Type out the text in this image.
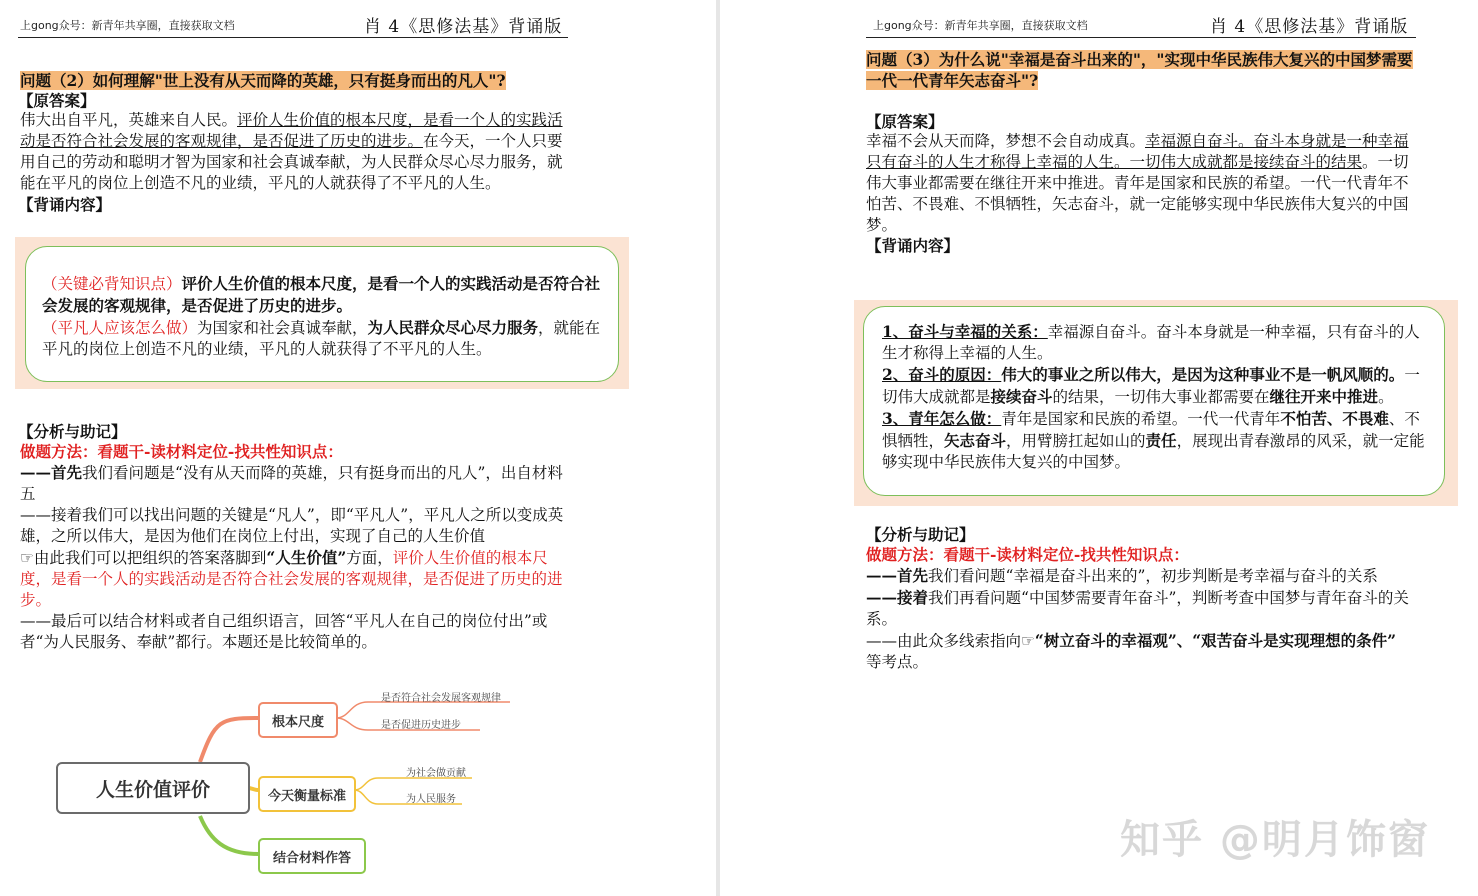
上gong众号：新青年共享圈，直接获取文档	肖 4《思修法基》背诵版
问题（2）如何理解"世上没有从天而降的英雄，只有挺身而出的凡人"?
【原答案】
伟大出自平凡，英雄来自人民。评价人生价值的根本尺度，是看一个人的实践活动是否符合社会发展的客观规律，是否促进了历史的进步。在今天，一个人只要用自己的劳动和聪明才智为国家和社会真诚奉献，为人民群众尽心尽力服务，就能在平凡的岗位上创造不凡的业绩，平凡的人就获得了不平凡的人生。
【背诵内容】
（关键必背知识点）评价人生价值的根本尺度，是看一个人的实践活动是否符合社会发展的客观规律，是否促进了历史的进步。
（平凡人应该怎么做）为国家和社会真诚奉献，为人民群众尽心尽力服务，就能在平凡的岗位上创造不凡的业绩，平凡的人就获得了不平凡的人生。
【分析与助记】
做题方法：看题干-读材料定位-找共性知识点：
——首先我们看问题是“没有从天而降的英雄，只有挺身而出的凡人”，出自材料五
——接着我们可以找出问题的关键是“凡人”，即“平凡人”，平凡人之所以变成英雄，之所以伟大，是因为他们在岗位上付出，实现了自己的人生价值
☞由此我们可以把组织的答案落脚到“人生价值”方面，评价人生价值的根本尺度，是看一个人的实践活动是否符合社会发展的客观规律，是否促进了历史的进步。
——最后可以结合材料或者自己组织语言，回答“平凡人在自己的岗位付出”或者“为人民服务、奉献”都行。本题还是比较简单的。
人生价值评价
根本尺度
是否符合社会发展客观规律
是否促进历史进步
今天衡量标准
为社会做贡献
为人民服务
结合材料作答
上gong众号：新青年共享圈，直接获取文档	肖 4《思修法基》背诵版
问题（3）为什么说"幸福是奋斗出来的"，"实现中华民族伟大复兴的中国梦需要一代一代青年矢志奋斗"?
【原答案】
幸福不会从天而降，梦想不会自动成真。幸福源自奋斗。奋斗本身就是一种幸福只有奋斗的人生才称得上幸福的人生。一切伟大成就都是接续奋斗的结果。一切伟大事业都需要在继往开来中推进。青年是国家和民族的希望。一代一代青年不怕苦、不畏难、不惧牺牲，矢志奋斗，就一定能够实现中华民族伟大复兴的中国梦。
【背诵内容】
1、奋斗与幸福的关系：幸福源自奋斗。奋斗本身就是一种幸福，只有奋斗的人生才称得上幸福的人生。
2、奋斗的原因：伟大的事业之所以伟大，是因为这种事业不是一帆风顺的。一切伟大成就都是接续奋斗的结果，一切伟大事业都需要在继往开来中推进。
3、青年怎么做：青年是国家和民族的希望。一代一代青年不怕苦、不畏难、不惧牺牲，矢志奋斗，用臂膀扛起如山的责任，展现出青春激昂的风采，就一定能够实现中华民族伟大复兴的中国梦。
【分析与助记】
做题方法：看题干-读材料定位-找共性知识点：
——首先我们看问题“幸福是奋斗出来的”，初步判断是考幸福与奋斗的关系
——接着我们再看问题“中国梦需要青年奋斗”，判断考查中国梦与青年奋斗的关系。
——由此众多线索指向☞“树立奋斗的幸福观”、“艰苦奋斗是实现理想的条件”
等考点。
知乎 @明月饰窗
